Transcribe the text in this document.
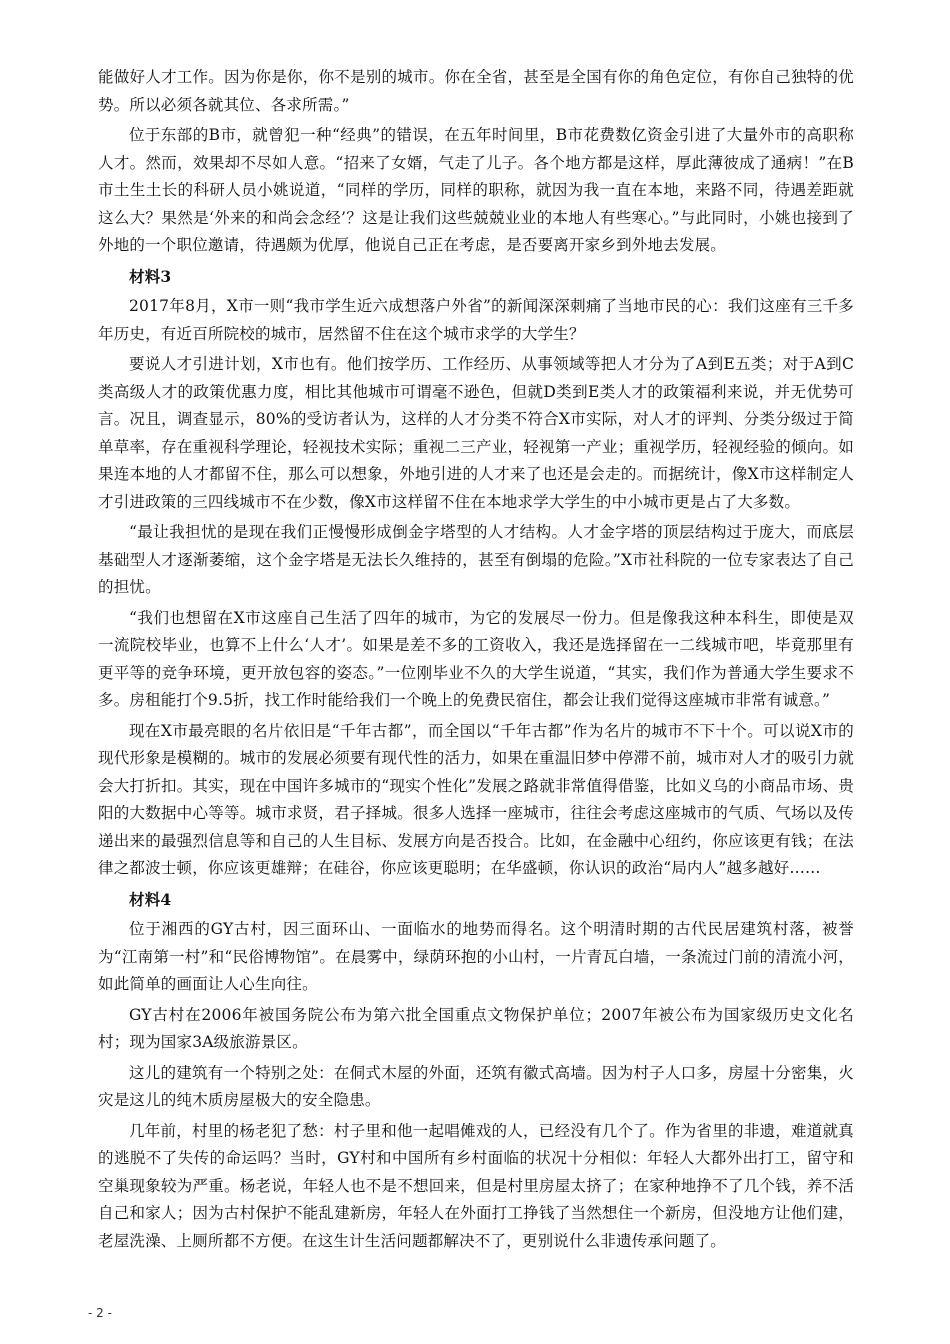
能做好人才工作。因为你是你，你不是别的城市。你在全省，甚至是全国有你的角色定位，有你自己独特的优势。所以必须各就其位、各求所需。”

位于东部的B市，就曾犯一种“经典”的错误，在五年时间里，B市花费数亿资金引进了大量外市的高职称人才。然而，效果却不尽如人意。“招来了女婿，气走了儿子。各个地方都是这样，厚此薄彼成了通病！”在B市土生土长的科研人员小姚说道，“同样的学历，同样的职称，就因为我一直在本地，来路不同，待遇差距就这么大？果然是‘外来的和尚会念经’？这是让我们这些兢兢业业的本地人有些寒心。”与此同时，小姚也接到了外地的一个职位邀请，待遇颇为优厚，他说自己正在考虑，是否要离开家乡到外地去发展。

材料3

2017年8月，X市一则“我市学生近六成想落户外省”的新闻深深刺痛了当地市民的心：我们这座有三千多年历史，有近百所院校的城市，居然留不住在这个城市求学的大学生？

要说人才引进计划，X市也有。他们按学历、工作经历、从事领域等把人才分为了A到E五类；对于A到C类高级人才的政策优惠力度，相比其他城市可谓毫不逊色，但就D类到E类人才的政策福利来说，并无优势可言。况且，调查显示，80%的受访者认为，这样的人才分类不符合X市实际，对人才的评判、分类分级过于简单草率，存在重视科学理论，轻视技术实际；重视二三产业，轻视第一产业；重视学历，轻视经验的倾向。如果连本地的人才都留不住，那么可以想象，外地引进的人才来了也还是会走的。而据统计，像X市这样制定人才引进政策的三四线城市不在少数，像X市这样留不住在本地求学大学生的中小城市更是占了大多数。

“最让我担忧的是现在我们正慢慢形成倒金字塔型的人才结构。人才金字塔的顶层结构过于庞大，而底层基础型人才逐渐萎缩，这个金字塔是无法长久维持的，甚至有倒塌的危险。”X市社科院的一位专家表达了自己的担忧。

“我们也想留在X市这座自己生活了四年的城市，为它的发展尽一份力。但是像我这种本科生，即使是双一流院校毕业，也算不上什么‘人才’。如果是差不多的工资收入，我还是选择留在一二线城市吧，毕竟那里有更平等的竞争环境，更开放包容的姿态。”一位刚毕业不久的大学生说道，“其实，我们作为普通大学生要求不多。房租能打个9.5折，找工作时能给我们一个晚上的免费民宿住，都会让我们觉得这座城市非常有诚意。”

现在X市最亮眼的名片依旧是“千年古都”，而全国以“千年古都”作为名片的城市不下十个。可以说X市的现代形象是模糊的。城市的发展必须要有现代性的活力，如果在重温旧梦中停滞不前，城市对人才的吸引力就会大打折扣。其实，现在中国许多城市的“现实个性化”发展之路就非常值得借鉴，比如义乌的小商品市场、贵阳的大数据中心等等。城市求贤，君子择城。很多人选择一座城市，往往会考虑这座城市的气质、气场以及传递出来的最强烈信息等和自己的人生目标、发展方向是否投合。比如，在金融中心纽约，你应该更有钱；在法律之都波士顿，你应该更雄辩；在硅谷，你应该更聪明；在华盛顿，你认识的政治“局内人”越多越好……

材料4

位于湘西的GY古村，因三面环山、一面临水的地势而得名。这个明清时期的古代民居建筑村落，被誉为“江南第一村”和“民俗博物馆”。在晨雾中，绿荫环抱的小山村，一片青瓦白墙，一条流过门前的清流小河，如此简单的画面让人心生向往。

GY古村在2006年被国务院公布为第六批全国重点文物保护单位；2007年被公布为国家级历史文化名村；现为国家3A级旅游景区。

这儿的建筑有一个特别之处：在侗式木屋的外面，还筑有徽式高墙。因为村子人口多，房屋十分密集，火灾是这儿的纯木质房屋极大的安全隐患。

几年前，村里的杨老犯了愁：村子里和他一起唱傩戏的人，已经没有几个了。作为省里的非遗，难道就真的逃脱不了失传的命运吗？当时，GY村和中国所有乡村面临的状况十分相似：年轻人大都外出打工，留守和空巢现象较为严重。杨老说，年轻人也不是不想回来，但是村里房屋太挤了；在家种地挣不了几个钱，养不活自己和家人；因为古村保护不能乱建新房，年轻人在外面打工挣钱了当然想住一个新房，但没地方让他们建，老屋洗澡、上厕所都不方便。在这生计生活问题都解决不了，更别说什么非遗传承问题了。

- 2 -
